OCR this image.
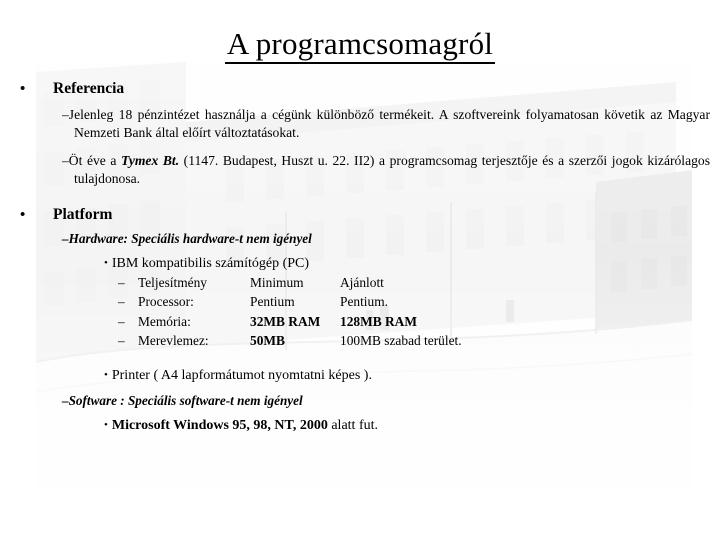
A programcsomagról
• Referencia
–Jelenleg 18 pénzintézet használja a cégünk különböző termékeit. A szoftvereink folyamatosan követik az Magyar Nemzeti Bank által előírt változtatásokat.
–Öt éve a Tymex Bt. (1147. Budapest, Huszt u. 22. II2) a programcsomag terjesztője és a szerzői jogok kizárólagos tulajdonosa.
• Platform
–Hardware: Speciális hardware-t nem igényel
• IBM kompatibilis számítógép (PC)
–	Teljesítmény	Minimum	Ajánlott
–	Processor:	Pentium	Pentium.
–	Memória:	32MB RAM	128MB RAM
–	Merevlemez:	50MB	100MB szabad terület.
• Printer ( A4 lapformátumot nyomtatni képes ).
–Software : Speciális software-t nem igényel
• Microsoft Windows 95, 98, NT, 2000 alatt fut.
